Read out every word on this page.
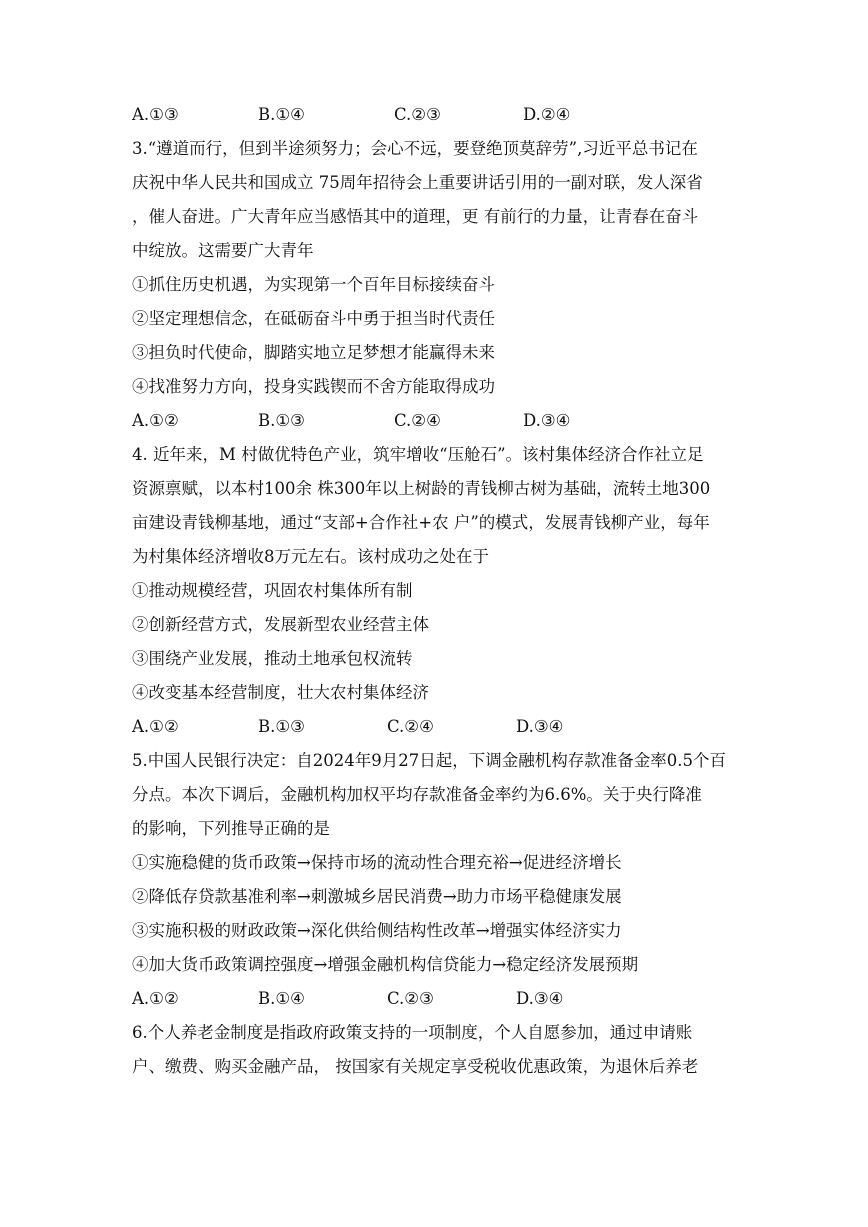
A.①③	B.①④	C.②③	D.②④
3.“遵道而行，但到半途须努力；会心不远，要登绝顶莫辞劳”,习近平总书记在
庆祝中华人民共和国成立 75周年招待会上重要讲话引用的一副对联，发人深省
，催人奋进。广大青年应当感悟其中的道理，更 有前行的力量，让青春在奋斗
中绽放。这需要广大青年
①抓住历史机遇，为实现第一个百年目标接续奋斗
②坚定理想信念，在砥砺奋斗中勇于担当时代责任
③担负时代使命，脚踏实地立足梦想才能赢得未来
④找准努力方向，投身实践锲而不舍方能取得成功
A.①②	B.①③	C.②④	D.③④
4. 近年来，M 村做优特色产业，筑牢增收“压舱石”。该村集体经济合作社立足
资源禀赋，以本村100余 株300年以上树龄的青钱柳古树为基础，流转土地300
亩建设青钱柳基地，通过“支部+合作社+农 户”的模式，发展青钱柳产业，每年
为村集体经济增收8万元左右。该村成功之处在于
①推动规模经营，巩固农村集体所有制
②创新经营方式，发展新型农业经营主体
③围绕产业发展，推动土地承包权流转
④改变基本经营制度，壮大农村集体经济
A.①②	B.①③	C.②④	D.③④
5.中国人民银行决定：自2024年9月27日起，下调金融机构存款准备金率0.5个百
分点。本次下调后，金融机构加权平均存款准备金率约为6.6%。关于央行降准
的影响，下列推导正确的是
①实施稳健的货币政策→保持市场的流动性合理充裕→促进经济增长
②降低存贷款基准利率→刺激城乡居民消费→助力市场平稳健康发展
③实施积极的财政政策→深化供给侧结构性改革→增强实体经济实力
④加大货币政策调控强度→增强金融机构信贷能力→稳定经济发展预期
A.①②	B.①④	C.②③	D.③④
6.个人养老金制度是指政府政策支持的一项制度，个人自愿参加，通过申请账
户、缴费、购买金融产品， 按国家有关规定享受税收优惠政策，为退休后养老
